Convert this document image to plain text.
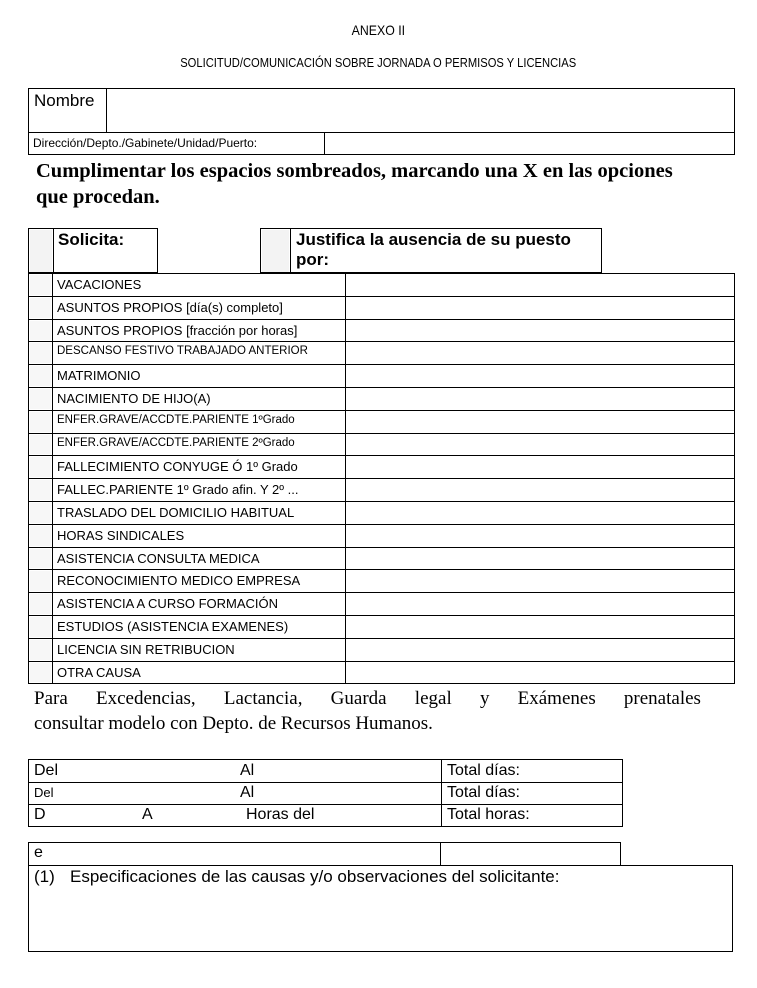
ANEXO II
SOLICITUD/COMUNICACIÓN SOBRE JORNADA O PERMISOS Y LICENCIAS
Nombre
Dirección/Depto./Gabinete/Unidad/Puerto:
Cumplimentar los espacios sombreados, marcando una X en las opciones que procedan.
Solicita:	Justifica la ausencia de su puesto por:
VACACIONES
ASUNTOS PROPIOS [día(s) completo]
ASUNTOS PROPIOS [fracción por horas]
DESCANSO FESTIVO TRABAJADO ANTERIOR
MATRIMONIO
NACIMIENTO DE HIJO(A)
ENFER.GRAVE/ACCDTE.PARIENTE 1ºGrado
ENFER.GRAVE/ACCDTE.PARIENTE 2ºGrado
FALLECIMIENTO CONYUGE Ó 1º Grado
FALLEC.PARIENTE 1º Grado afin. Y 2º ...
TRASLADO DEL DOMICILIO HABITUAL
HORAS SINDICALES
ASISTENCIA CONSULTA MEDICA
RECONOCIMIENTO MEDICO EMPRESA
ASISTENCIA A CURSO FORMACIÓN
ESTUDIOS (ASISTENCIA EXAMENES)
LICENCIA SIN RETRIBUCION
OTRA CAUSA
Para Excedencias, Lactancia, Guarda legal y Exámenes prenatales
consultar modelo con Depto. de Recursos Humanos.
Del	Al	Total días:
Del	Al	Total días:
D	A	Horas del	Total horas:
e
(1) Especificaciones de las causas y/o observaciones del solicitante:
